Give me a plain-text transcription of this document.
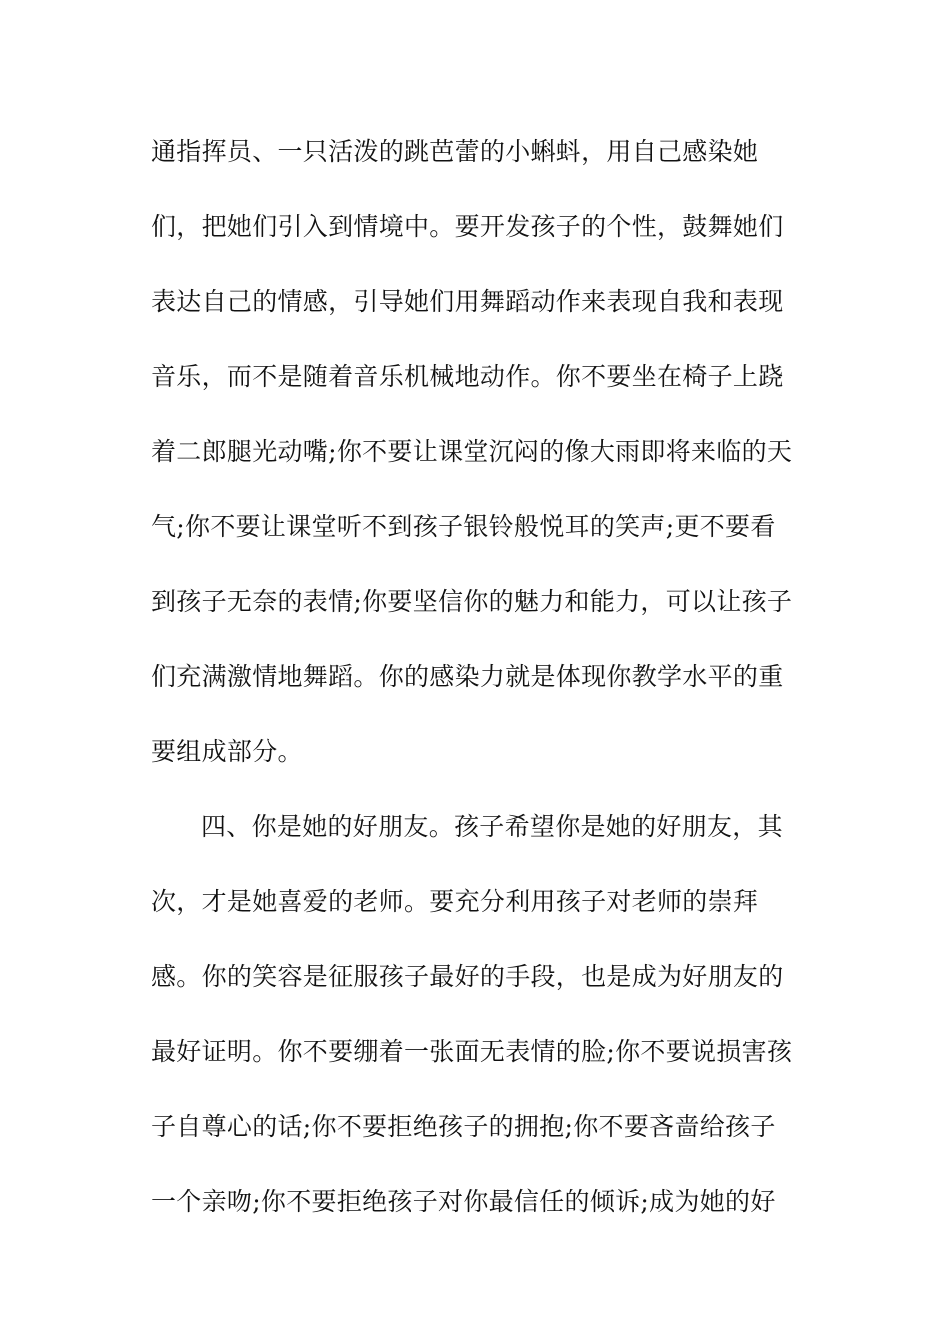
通指挥员、一只活泼的跳芭蕾的小蝌蚪，用自己感染她
们，把她们引入到情境中。要开发孩子的个性，鼓舞她们
表达自己的情感，引导她们用舞蹈动作来表现自我和表现
音乐，而不是随着音乐机械地动作。你不要坐在椅子上跷
着二郎腿光动嘴;你不要让课堂沉闷的像大雨即将来临的天
气;你不要让课堂听不到孩子银铃般悦耳的笑声;更不要看
到孩子无奈的表情;你要坚信你的魅力和能力，可以让孩子
们充满激情地舞蹈。你的感染力就是体现你教学水平的重
要组成部分。
四、你是她的好朋友。孩子希望你是她的好朋友，其
次，才是她喜爱的老师。要充分利用孩子对老师的崇拜
感。你的笑容是征服孩子最好的手段，也是成为好朋友的
最好证明。你不要绷着一张面无表情的脸;你不要说损害孩
子自尊心的话;你不要拒绝孩子的拥抱;你不要吝啬给孩子
一个亲吻;你不要拒绝孩子对你最信任的倾诉;成为她的好
